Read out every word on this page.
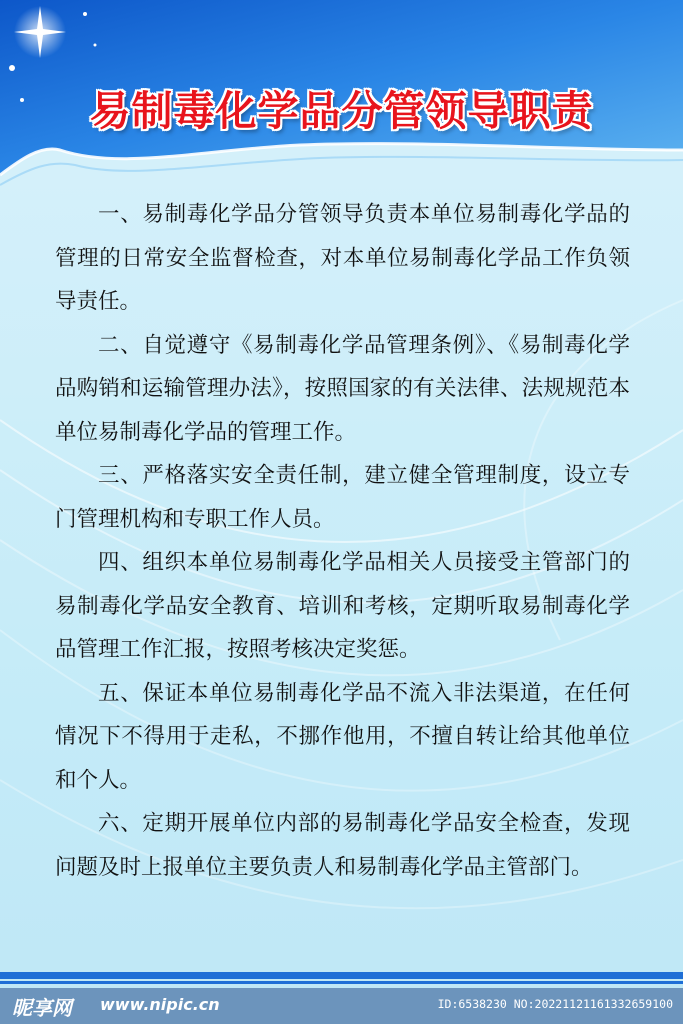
易制毒化学品分管领导职责

一、易制毒化学品分管领导负责本单位易制毒化学品的管理的日常安全监督检查，对本单位易制毒化学品工作负领导责任。

二、自觉遵守《易制毒化学品管理条例》、《易制毒化学品购销和运输管理办法》，按照国家的有关法律、法规规范本单位易制毒化学品的管理工作。

三、严格落实安全责任制，建立健全管理制度，设立专门管理机构和专职工作人员。

四、组织本单位易制毒化学品相关人员接受主管部门的易制毒化学品安全教育、培训和考核，定期听取易制毒化学品管理工作汇报，按照考核决定奖惩。

五、保证本单位易制毒化学品不流入非法渠道，在任何情况下不得用于走私，不挪作他用，不擅自转让给其他单位和个人。

六、定期开展单位内部的易制毒化学品安全检查，发现问题及时上报单位主要负责人和易制毒化学品主管部门。

昵享网 www.nipic.cn	ID:6538230 NO:20221121161332659100
